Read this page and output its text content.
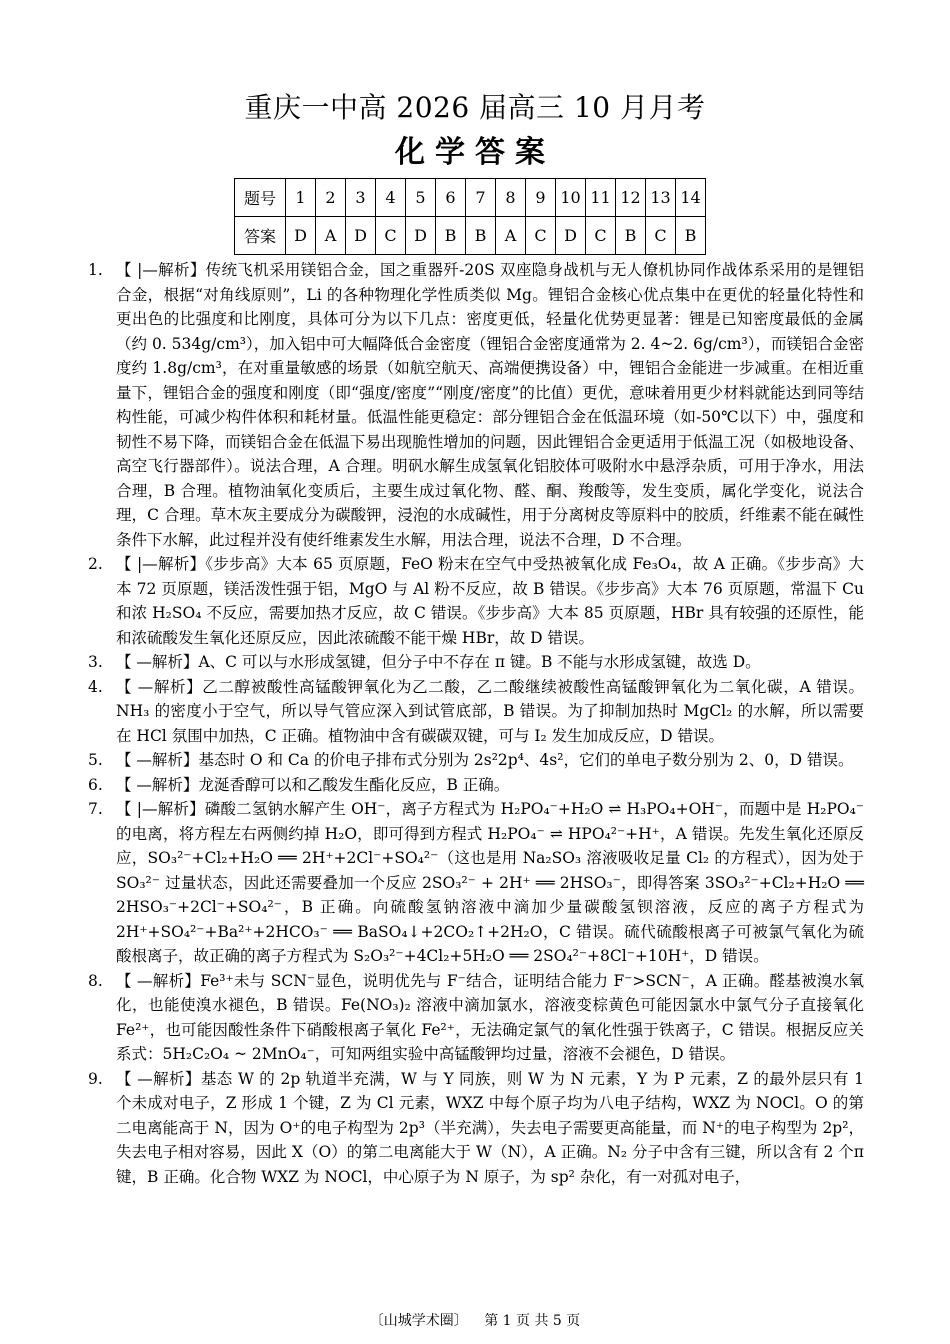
重庆一中高 2026 届高三 10 月月考
化学答案
题号	1	2	3	4	5	6	7	8	9	10	11	12	13	14
答案	D	A	D	C	D	B	B	A	C	D	C	B	C	B
1. 【 |—解析】传统飞机采用镁铝合金，国之重器歼-20S 双座隐身战机与无人僚机协同作战体系采用的是锂铝合金，根据“对角线原则”，Li 的各种物理化学性质类似 Mg。锂铝合金核心优点集中在更优的轻量化特性和更出色的比强度和比刚度，具体可分为以下几点：密度更低，轻量化优势更显著：锂是已知密度最低的金属（约 0. 534g/cm³），加入铝中可大幅降低合金密度（锂铝合金密度通常为 2. 4~2. 6g/cm³），而镁铝合金密度约 1.8g/cm³，在对重量敏感的场景（如航空航天、高端便携设备）中，锂铝合金能进一步减重。在相近重量下，锂铝合金的强度和刚度（即“强度/密度”“刚度/密度”的比值）更优，意味着用更少材料就能达到同等结构性能，可减少构件体积和耗材量。低温性能更稳定：部分锂铝合金在低温环境（如-50℃以下）中，强度和韧性不易下降，而镁铝合金在低温下易出现脆性增加的问题，因此锂铝合金更适用于低温工况（如极地设备、高空飞行器部件）。说法合理，A 合理。明矾水解生成氢氧化铝胶体可吸附水中悬浮杂质，可用于净水，用法合理，B 合理。植物油氧化变质后，主要生成过氧化物、醛、酮、羧酸等，发生变质，属化学变化，说法合理，C 合理。草木灰主要成分为碳酸钾，浸泡的水成碱性，用于分离树皮等原料中的胶质，纤维素不能在碱性条件下水解，此过程并没有使纤维素发生水解，用法合理，说法不合理，D 不合理。
2. 【 |—解析】《步步高》大本 65 页原题，FeO 粉末在空气中受热被氧化成 Fe₃O₄，故 A 正确。《步步高》大本 72 页原题，镁活泼性强于铝，MgO 与 Al 粉不反应，故 B 错误。《步步高》大本 76 页原题，常温下 Cu 和浓 H₂SO₄ 不反应，需要加热才反应，故 C 错误。《步步高》大本 85 页原题，HBr 具有较强的还原性，能和浓硫酸发生氧化还原反应，因此浓硫酸不能干燥 HBr，故 D 错误。
3. 【 —解析】A、C 可以与水形成氢键，但分子中不存在 π 键。B 不能与水形成氢键，故选 D。
4. 【 —解析】乙二醇被酸性高锰酸钾氧化为乙二酸，乙二酸继续被酸性高锰酸钾氧化为二氧化碳，A 错误。NH₃ 的密度小于空气，所以导气管应深入到试管底部，B 错误。为了抑制加热时 MgCl₂ 的水解，所以需要在 HCl 氛围中加热，C 正确。植物油中含有碳碳双键，可与 I₂ 发生加成反应，D 错误。
5. 【 —解析】基态时 O 和 Ca 的价电子排布式分别为 2s²2p⁴、4s²，它们的单电子数分别为 2、0，D 错误。
6. 【 —解析】龙涎香醇可以和乙酸发生酯化反应，B 正确。
7. 【 |—解析】磷酸二氢钠水解产生 OH⁻，离子方程式为 H₂PO₄⁻+H₂O ⇌ H₃PO₄+OH⁻，而题中是 H₂PO₄⁻的电离，将方程左右两侧约掉 H₂O，即可得到方程式 H₂PO₄⁻ ⇌ HPO₄²⁻+H⁺，A 错误。先发生氧化还原反应，SO₃²⁻+Cl₂+H₂O ══ 2H⁺+2Cl⁻+SO₄²⁻（这也是用 Na₂SO₃ 溶液吸收足量 Cl₂ 的方程式），因为处于 SO₃²⁻ 过量状态，因此还需要叠加一个反应 2SO₃²⁻ + 2H⁺ ══ 2HSO₃⁻，即得答案 3SO₃²⁻+Cl₂+H₂O ══ 2HSO₃⁻+2Cl⁻+SO₄²⁻，B 正确。向硫酸氢钠溶液中滴加少量碳酸氢钡溶液，反应的离子方程式为 2H⁺+SO₄²⁻+Ba²⁺+2HCO₃⁻ ══ BaSO₄↓+2CO₂↑+2H₂O，C 错误。硫代硫酸根离子可被氯气氧化为硫酸根离子，故正确的离子方程式为 S₂O₃²⁻+4Cl₂+5H₂O ══ 2SO₄²⁻+8Cl⁻+10H⁺，D 错误。
8. 【 —解析】Fe³⁺未与 SCN⁻显色，说明优先与 F⁻结合，证明结合能力 F⁻>SCN⁻，A 正确。醛基被溴水氧化，也能使溴水褪色，B 错误。Fe(NO₃)₂ 溶液中滴加氯水，溶液变棕黄色可能因氯水中氯气分子直接氧化 Fe²⁺，也可能因酸性条件下硝酸根离子氧化 Fe²⁺，无法确定氯气的氧化性强于铁离子，C 错误。根据反应关系式：5H₂C₂O₄ ~ 2MnO₄⁻，可知两组实验中高锰酸钾均过量，溶液不会褪色，D 错误。
9. 【 —解析】基态 W 的 2p 轨道半充满，W 与 Y 同族，则 W 为 N 元素，Y 为 P 元素，Z 的最外层只有 1 个未成对电子，Z 形成 1 个键，Z 为 Cl 元素，WXZ 中每个原子均为八电子结构，WXZ 为 NOCl。O 的第二电离能高于 N，因为 O⁺的电子构型为 2p³（半充满），失去电子需要更高能量，而 N⁺的电子构型为 2p²，失去电子相对容易，因此 X（O）的第二电离能大于 W（N），A 正确。N₂ 分子中含有三键，所以含有 2 个π键，B 正确。化合物 WXZ 为 NOCl，中心原子为 N 原子，为 sp² 杂化，有一对孤对电子，
〔山城学术圈〕 第 1 页 共 5 页
